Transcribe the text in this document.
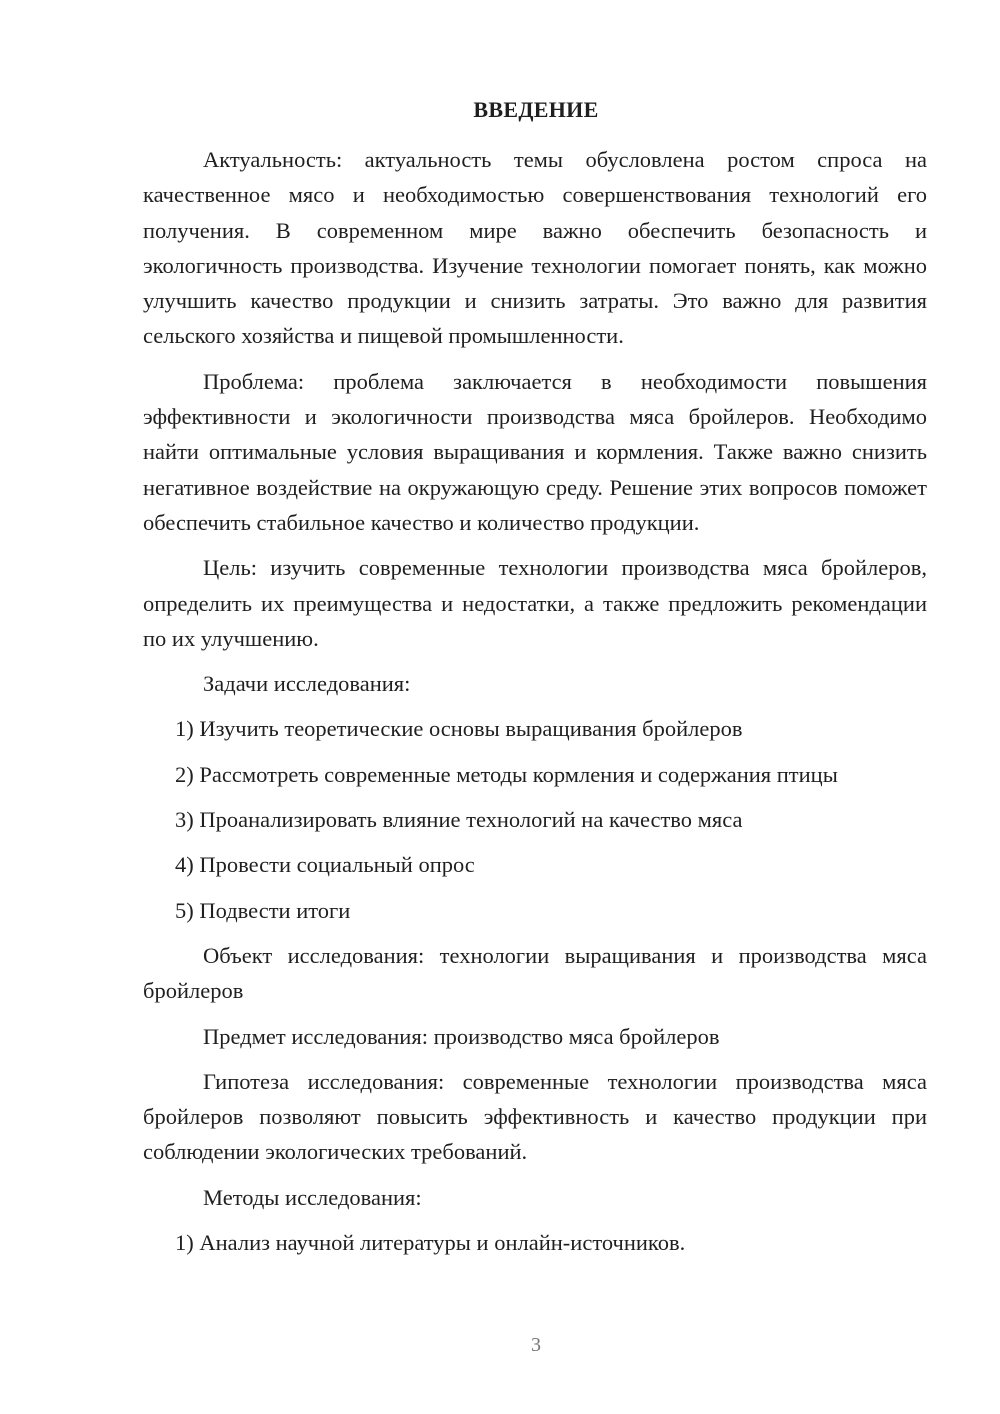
ВВЕДЕНИЕ

Актуальность: актуальность темы обусловлена ростом спроса на качественное мясо и необходимостью совершенствования технологий его получения. В современном мире важно обеспечить безопасность и экологичность производства. Изучение технологии помогает понять, как можно улучшить качество продукции и снизить затраты. Это важно для развития сельского хозяйства и пищевой промышленности.

Проблема: проблема заключается в необходимости повышения эффективности и экологичности производства мяса бройлеров. Необходимо найти оптимальные условия выращивания и кормления. Также важно снизить негативное воздействие на окружающую среду. Решение этих вопросов поможет обеспечить стабильное качество и количество продукции.

Цель: изучить современные технологии производства мяса бройлеров, определить их преимущества и недостатки, а также предложить рекомендации по их улучшению.

Задачи исследования:

1) Изучить теоретические основы выращивания бройлеров

2) Рассмотреть современные методы кормления и содержания птицы

3) Проанализировать влияние технологий на качество мяса

4) Провести социальный опрос

5) Подвести итоги

Объект исследования: технологии выращивания и производства мяса бройлеров

Предмет исследования: производство мяса бройлеров

Гипотеза исследования: современные технологии производства мяса бройлеров позволяют повысить эффективность и качество продукции при соблюдении экологических требований.

Методы исследования:

1) Анализ научной литературы и онлайн-источников.

3
